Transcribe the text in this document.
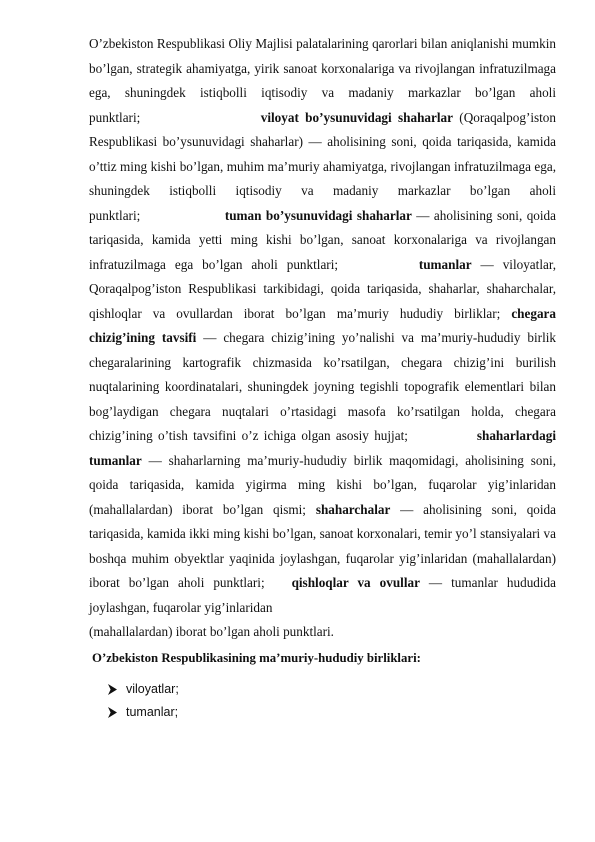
O’zbekiston Respublikasi Oliy Majlisi palatalarining qarorlari bilan aniqlanishi mumkin bo’lgan, strategik ahamiyatga, yirik sanoat korxonalariga va rivojlangan infratuzilmaga ega, shuningdek istiqbolli iqtisodiy va madaniy markazlar bo’lgan aholi punktlari;	viloyat bo’ysunuvidagi shaharlar (Qoraqalpog’iston Respublikasi bo’ysunuvidagi shaharlar) — aholisining soni, qoida tariqasida, kamida o’ttiz ming kishi bo’lgan, muhim ma’muriy ahamiyatga, rivojlangan infratuzilmaga ega, shuningdek istiqbolli iqtisodiy va madaniy markazlar bo’lgan aholi punktlari;	tuman bo’ysunuvidagi shaharlar — aholisining soni, qoida tariqasida, kamida yetti ming kishi bo’lgan, sanoat korxonalariga va rivojlangan infratuzilmaga ega bo’lgan aholi punktlari;	tumanlar — viloyatlar, Qoraqalpog’iston Respublikasi tarkibidagi, qoida tariqasida, shaharlar, shaharchalar, qishloqlar va ovullardan iborat bo’lgan ma’muriy hududiy birliklar; chegara chizig’ining tavsifi — chegara chizig’ining yo’nalishi va ma’muriy-hududiy birlik chegaralarining kartografik chizmasida ko’rsatilgan, chegara chizig’ini burilish nuqtalarining koordinatalari, shuningdek joyning tegishli topografik elementlari bilan bog’laydigan chegara nuqtalari o’rtasidagi masofa ko’rsatilgan holda, chegara chizig’ining o’tish tavsifini o’z ichiga olgan asosiy hujjat;	shaharlardagi tumanlar — shaharlarning ma’muriy-hududiy birlik maqomidagi, aholisining soni, qoida tariqasida, kamida yigirma ming kishi bo’lgan, fuqarolar yig’inlaridan (mahallalardan) iborat bo’lgan qismi; shaharchalar — aholisining soni, qoida tariqasida, kamida ikki ming kishi bo’lgan, sanoat korxonalari, temir yo’l stansiyalari va boshqa muhim obyektlar yaqinida joylashgan, fuqarolar yig’inlaridan (mahallalardan) iborat bo’lgan aholi punktlari; qishloqlar va ovullar — tumanlar hududida joylashgan, fuqarolar yig’inlaridan

(mahallalardan) iborat bo’lgan aholi punktlari.

O’zbekiston Respublikasining ma’muriy-hududiy birliklari:

viloyatlar;
tumanlar;
